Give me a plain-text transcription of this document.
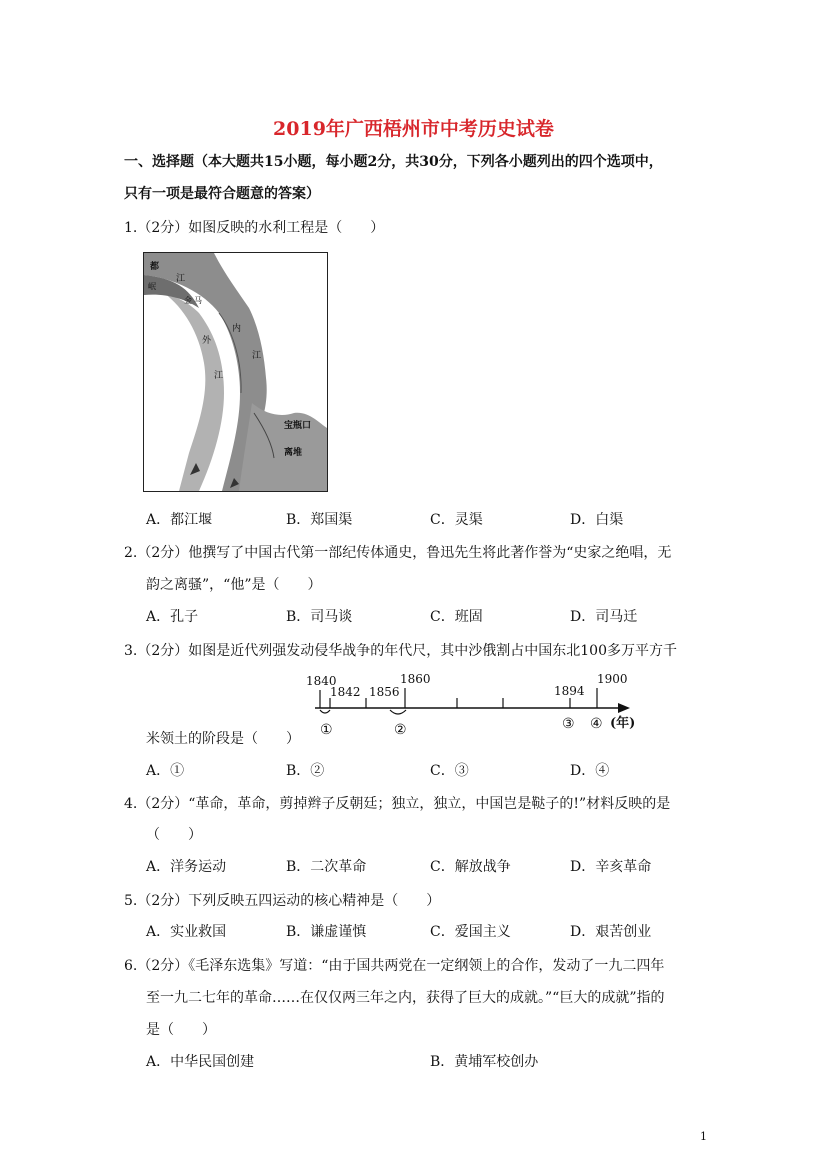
2019年广西梧州市中考历史试卷
一、选择题（本大题共15小题，每小题2分，共30分，下列各小题列出的四个选项中，
只有一项是最符合题意的答案）
1.（2分）如图反映的水利工程是（　　）
都
江
金 马
岷
内
江
外
江
宝瓶口
离堆
A．都江堰	B．郑国渠	C．灵渠	D．白渠
2.（2分）他撰写了中国古代第一部纪传体通史，鲁迅先生将此著作誉为“史家之绝唱，无
韵之离骚”，“他”是（　　）
A．孔子	B．司马谈	C．班固	D．司马迁
3.（2分）如图是近代列强发动侵华战争的年代尺，其中沙俄割占中国东北100多万平方千
1840
1842 1856
1860
1894
1900
①	②	③ ④ (年)
米领土的阶段是（　　）
A．①	B．②	C．③	D．④
4.（2分）“革命，革命，剪掉辫子反朝廷；独立，独立，中国岂是鞑子的!”材料反映的是
（　　）
A．洋务运动	B．二次革命	C．解放战争	D．辛亥革命
5.（2分）下列反映五四运动的核心精神是（　　）
A．实业救国	B．谦虚谨慎	C．爱国主义	D．艰苦创业
6.（2分）《毛泽东选集》写道：“由于国共两党在一定纲领上的合作，发动了一九二四年
至一九二七年的革命……在仅仅两三年之内，获得了巨大的成就。”“巨大的成就”指的
是（　　）
A．中华民国创建	B．黄埔军校创办
1
